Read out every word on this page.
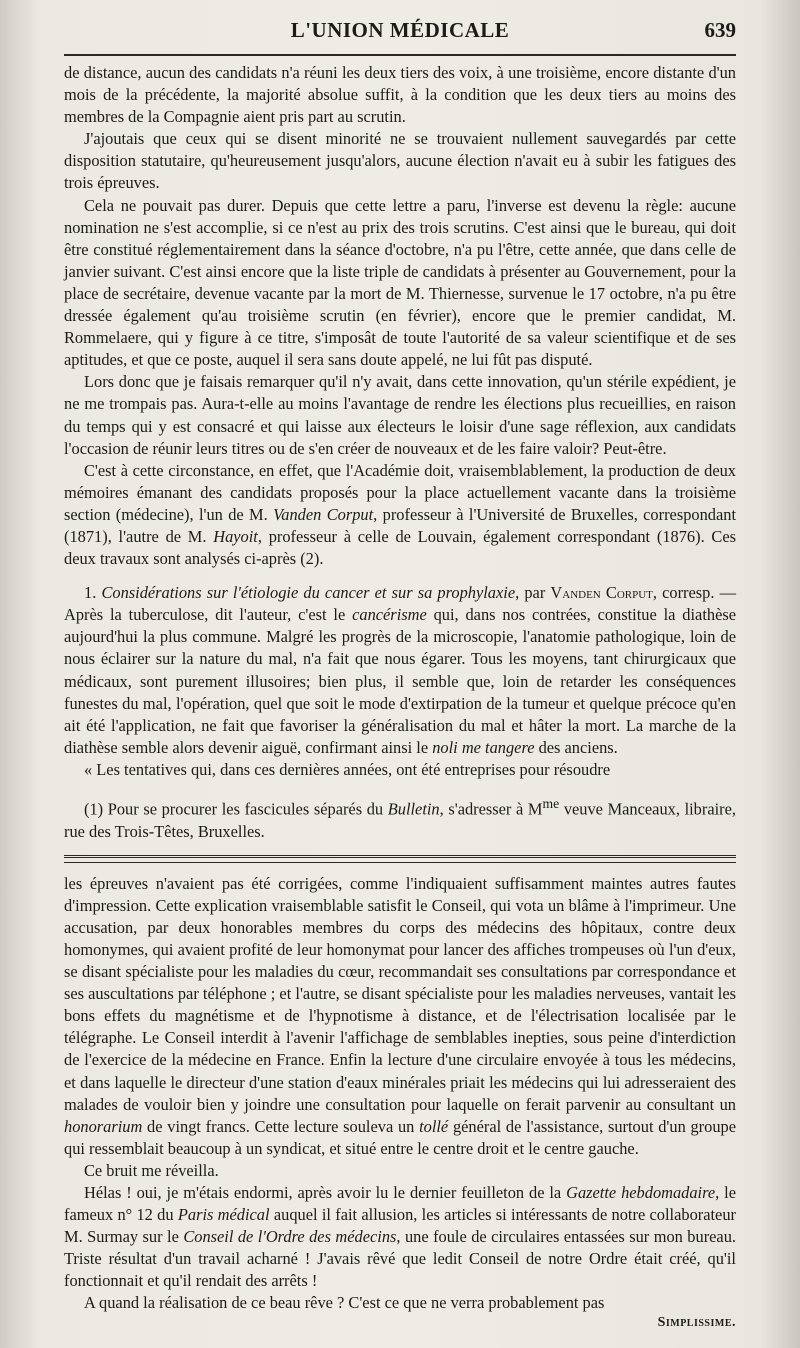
L'UNION MÉDICALE	639

de distance, aucun des candidats n'a réuni les deux tiers des voix, à une troisième, encore distante d'un mois de la précédente, la majorité absolue suffit, à la condition que les deux tiers au moins des membres de la Compagnie aient pris part au scrutin.

J'ajoutais que ceux qui se disent minorité ne se trouvaient nullement sauvegardés par cette disposition statutaire, qu'heureusement jusqu'alors, aucune élection n'avait eu à subir les fatigues des trois épreuves.

Cela ne pouvait pas durer. Depuis que cette lettre a paru, l'inverse est devenu la règle: aucune nomination ne s'est accomplie, si ce n'est au prix des trois scrutins. C'est ainsi que le bureau, qui doit être constitué réglementairement dans la séance d'octobre, n'a pu l'être, cette année, que dans celle de janvier suivant. C'est ainsi encore que la liste triple de candidats à présenter au Gouvernement, pour la place de secrétaire, devenue vacante par la mort de M. Thiernesse, survenue le 17 octobre, n'a pu être dressée également qu'au troisième scrutin (en février), encore que le premier candidat, M. Rommelaere, qui y figure à ce titre, s'imposât de toute l'autorité de sa valeur scientifique et de ses aptitudes, et que ce poste, auquel il sera sans doute appelé, ne lui fût pas disputé.

Lors donc que je faisais remarquer qu'il n'y avait, dans cette innovation, qu'un stérile expédient, je ne me trompais pas. Aura-t-elle au moins l'avantage de rendre les élections plus recueillies, en raison du temps qui y est consacré et qui laisse aux électeurs le loisir d'une sage réflexion, aux candidats l'occasion de réunir leurs titres ou de s'en créer de nouveaux et de les faire valoir? Peut-être.

C'est à cette circonstance, en effet, que l'Académie doit, vraisemblablement, la production de deux mémoires émanant des candidats proposés pour la place actuellement vacante dans la troisième section (médecine), l'un de M. Vanden Corput, professeur à l'Université de Bruxelles, correspondant (1871), l'autre de M. Hayoit, professeur à celle de Louvain, également correspondant (1876). Ces deux travaux sont analysés ci-après (2).

1. Considérations sur l'étiologie du cancer et sur sa prophylaxie, par Vanden Corput, corresp. — Après la tuberculose, dit l'auteur, c'est le cancérisme qui, dans nos contrées, constitue la diathèse aujourd'hui la plus commune. Malgré les progrès de la microscopie, l'anatomie pathologique, loin de nous éclairer sur la nature du mal, n'a fait que nous égarer. Tous les moyens, tant chirurgicaux que médicaux, sont purement illusoires; bien plus, il semble que, loin de retarder les conséquences funestes du mal, l'opération, quel que soit le mode d'extirpation de la tumeur et quelque précoce qu'en ait été l'application, ne fait que favoriser la généralisation du mal et hâter la mort. La marche de la diathèse semble alors devenir aiguë, confirmant ainsi le noli me tangere des anciens.

« Les tentatives qui, dans ces dernières années, ont été entreprises pour résoudre

(1) Pour se procurer les fascicules séparés du Bulletin, s'adresser à $M^{me}$ veuve Manceaux, libraire, rue des Trois-Têtes, Bruxelles.

les épreuves n'avaient pas été corrigées, comme l'indiquaient suffisamment maintes autres fautes d'impression. Cette explication vraisemblable satisfit le Conseil, qui vota un blâme à l'imprimeur. Une accusation, par deux honorables membres du corps des médecins des hôpitaux, contre deux homonymes, qui avaient profité de leur homonymat pour lancer des affiches trompeuses où l'un d'eux, se disant spécialiste pour les maladies du cœur, recommandait ses consultations par correspondance et ses auscultations par téléphone ; et l'autre, se disant spécialiste pour les maladies nerveuses, vantait les bons effets du magnétisme et de l'hypnotisme à distance, et de l'électrisation localisée par le télégraphe. Le Conseil interdit à l'avenir l'affichage de semblables inepties, sous peine d'interdiction de l'exercice de la médecine en France. Enfin la lecture d'une circulaire envoyée à tous les médecins, et dans laquelle le directeur d'une station d'eaux minérales priait les médecins qui lui adresseraient des malades de vouloir bien y joindre une consultation pour laquelle on ferait parvenir au consultant un honorarium de vingt francs. Cette lecture souleva un tollé général de l'assistance, surtout d'un groupe qui ressemblait beaucoup à un syndicat, et situé entre le centre droit et le centre gauche.

Ce bruit me réveilla.

Hélas ! oui, je m'étais endormi, après avoir lu le dernier feuilleton de la Gazette hebdomadaire, le fameux n° 12 du Paris médical auquel il fait allusion, les articles si intéressants de notre collaborateur M. Surmay sur le Conseil de l'Ordre des médecins, une foule de circulaires entassées sur mon bureau. Triste résultat d'un travail acharné ! J'avais rêvé que ledit Conseil de notre Ordre était créé, qu'il fonctionnait et qu'il rendait des arrêts !

A quand la réalisation de ce beau rêve ? C'est ce que ne verra probablement pas

Simplissime.
